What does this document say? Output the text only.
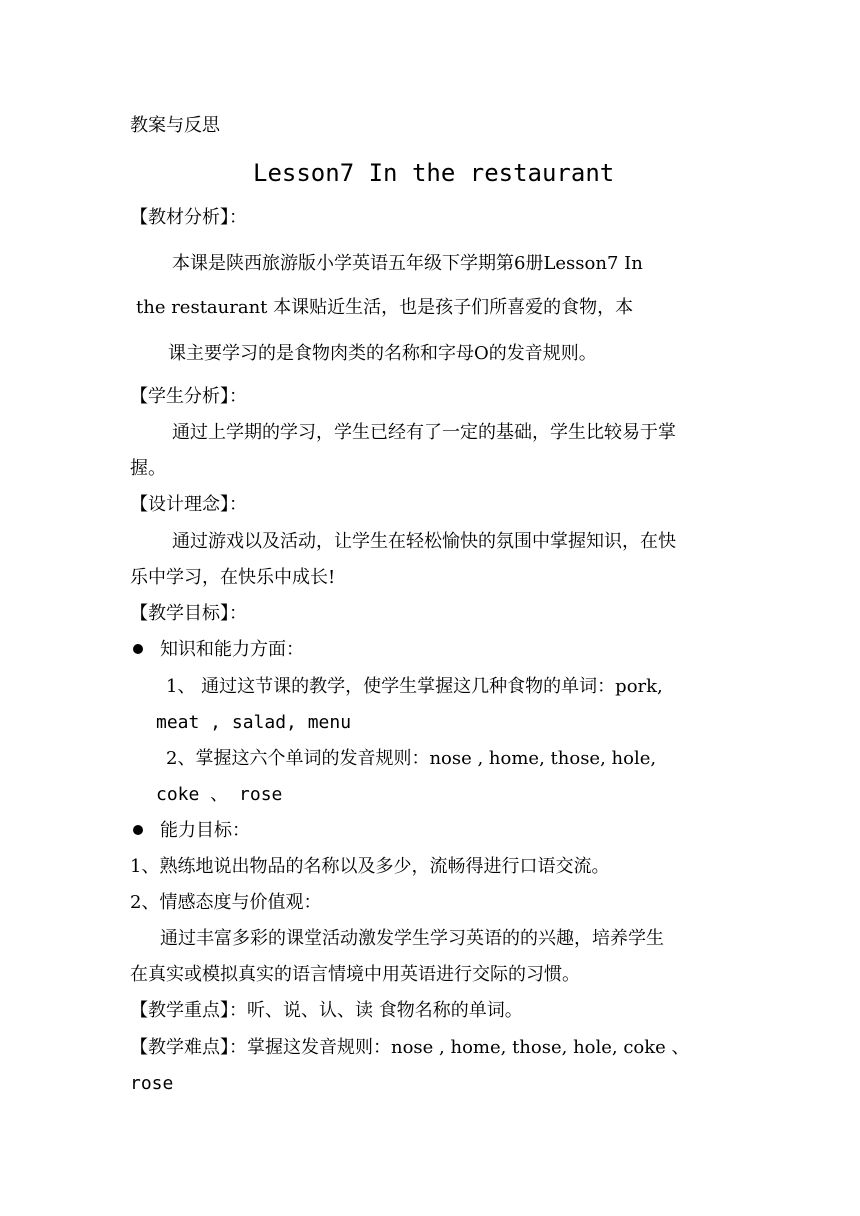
教案与反思
Lesson7 In the restaurant
【教材分析】：
本课是陕西旅游版小学英语五年级下学期第6册Lesson7 In
the restaurant 本课贴近生活，也是孩子们所喜爱的食物，本
课主要学习的是食物肉类的名称和字母O的发音规则。
【学生分析】：
通过上学期的学习，学生已经有了一定的基础，学生比较易于掌
握。
【设计理念】：
通过游戏以及活动，让学生在轻松愉快的氛围中掌握知识，在快
乐中学习，在快乐中成长!
【教学目标】：
知识和能力方面：
1、 通过这节课的教学，使学生掌握这几种食物的单词：pork,
meat , salad, menu
2、掌握这六个单词的发音规则：nose , home, those, hole,
coke 、 rose
能力目标：
1、熟练地说出物品的名称以及多少，流畅得进行口语交流。
2、情感态度与价值观：
通过丰富多彩的课堂活动激发学生学习英语的的兴趣，培养学生
在真实或模拟真实的语言情境中用英语进行交际的习惯。
【教学重点】：听、说、认、读 食物名称的单词。
【教学难点】：掌握这发音规则：nose , home, those, hole, coke 、
rose
